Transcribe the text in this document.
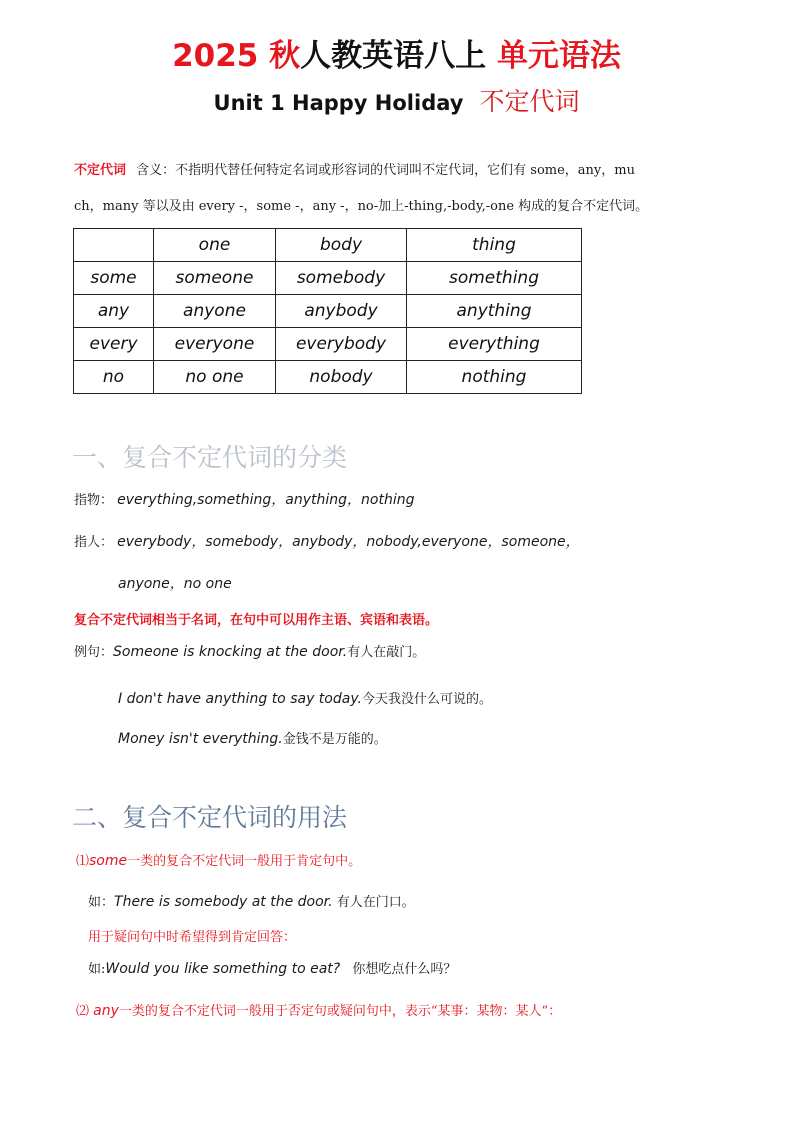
2025 秋人教英语八上 单元语法
Unit 1 Happy Holiday 不定代词
不定代词 含义：不指明代替任何特定名词或形容词的代词叫不定代词，它们有 some，any，mu
ch，many 等以及由 every -，some -，any -，no-加上-thing,-body,-one 构成的复合不定代词。
	one	body	thing
some	someone	somebody	something
any	anyone	anybody	anything
every	everyone	everybody	everything
no	no one	nobody	nothing
一、复合不定代词的分类
指物： everything,something，anything，nothing
指人： everybody，somebody，anybody，nobody,everyone，someone，
anyone，no one
复合不定代词相当于名词，在句中可以用作主语、宾语和表语。
例句：Someone is knocking at the door.有人在敲门。
I don't have anything to say today.今天我没什么可说的。
Money isn't everything.金钱不是万能的。
二、复合不定代词的用法
⑴some一类的复合不定代词一般用于肯定句中。
如：There is somebody at the door. 有人在门口。
用于疑问句中时希望得到肯定回答：
如:Would you like something to eat? 你想吃点什么吗？
⑵ any一类的复合不定代词一般用于否定句或疑问句中，表示“某事：某物：某人”：
